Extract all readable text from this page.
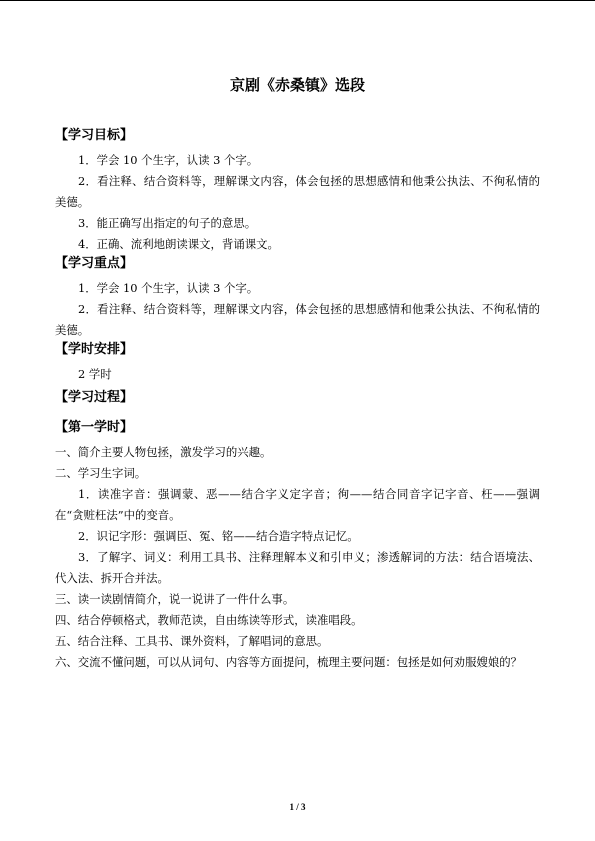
京剧《赤桑镇》选段
【学习目标】

1．学会 10 个生字，认读 3 个字。

2．看注释、结合资料等，理解课文内容，体会包拯的思想感情和他秉公执法、不徇私情的美德。

3．能正确写出指定的句子的意思。

4．正确、流利地朗读课文，背诵课文。

【学习重点】

1．学会 10 个生字，认读 3 个字。

2．看注释、结合资料等，理解课文内容，体会包拯的思想感情和他秉公执法、不徇私情的美德。

【学时安排】

2 学时

【学习过程】
【第一学时】

一、简介主要人物包拯，激发学习的兴趣。

二、学习生字词。

1．读准字音：强调蒙、恶——结合字义定字音；徇——结合同音字记字音、枉——强调在“贪赃枉法”中的变音。

2．识记字形：强调臣、冤、铭——结合造字特点记忆。

3．了解字、词义：利用工具书、注释理解本义和引申义；渗透解词的方法：结合语境法、代入法、拆开合并法。

三、读一读剧情简介，说一说讲了一件什么事。

四、结合停顿格式，教师范读，自由练读等形式，读准唱段。

五、结合注释、工具书、课外资料，了解唱词的意思。

六、交流不懂问题，可以从词句、内容等方面提问，梳理主要问题：包拯是如何劝服嫂娘的？

1 / 3
